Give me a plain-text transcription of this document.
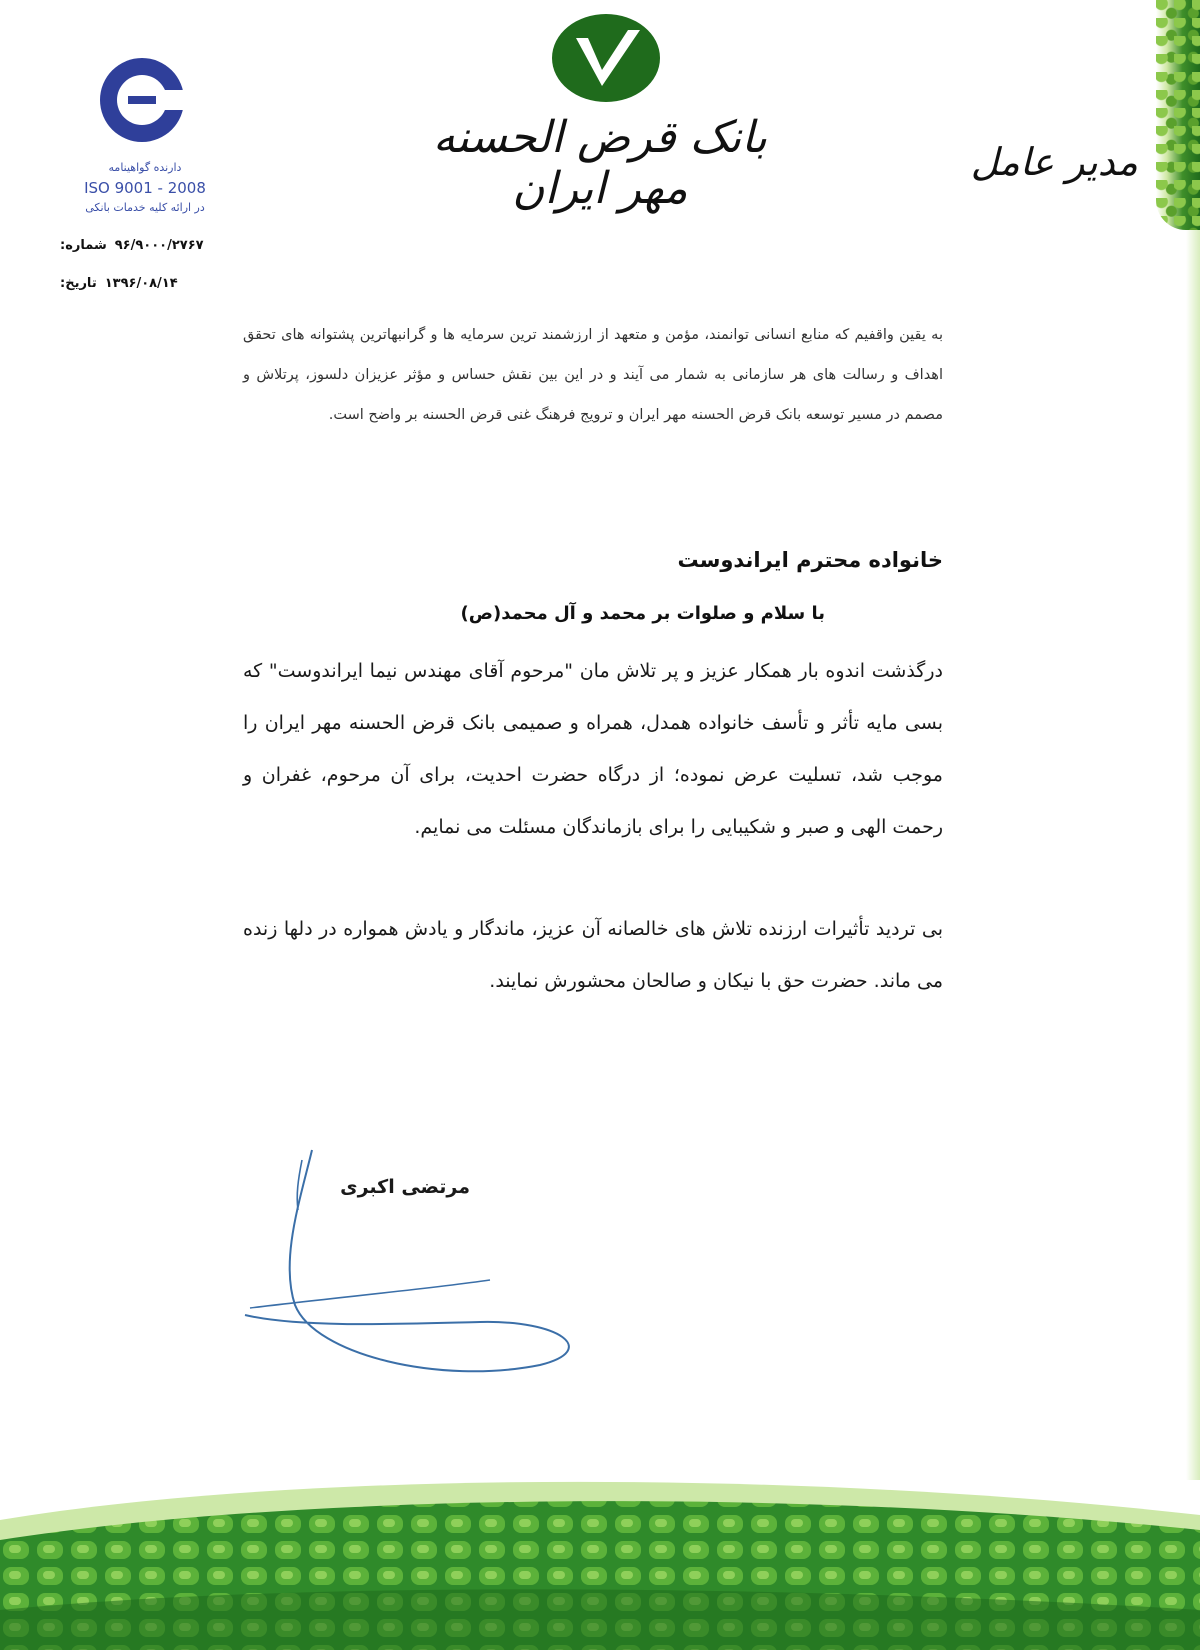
بانک قرض الحسنه مهر ایران
مدیر عامل
دارنده گواهینامه
ISO 9001 - 2008
در ارائه کلیه خدمات بانکی
شماره: ۹۶/۹۰۰۰/۲۷۶۷
تاریخ: ۱۳۹۶/۰۸/۱۴
به یقین واقفیم که منابع انسانی توانمند، مؤمن و متعهد از ارزشمند ترین سرمایه ها و گرانبهاترین پشتوانه های تحقق اهداف و رسالت های هر سازمانی به شمار می آیند و در این بین نقش حساس و مؤثر عزیزان دلسوز، پرتلاش و مصمم در مسیر توسعه بانک قرض الحسنه مهر ایران و ترویج فرهنگ غنی قرض الحسنه بر واضح است.
خانواده محترم ایراندوست
با سلام و صلوات بر محمد و آل محمد(ص)
درگذشت اندوه بار همکار عزیز و پر تلاش مان "مرحوم آقای مهندس نیما ایراندوست" که بسی مایه تأثر و تأسف خانواده همدل، همراه و صمیمی بانک قرض الحسنه مهر ایران را موجب شد، تسلیت عرض نموده؛ از درگاه حضرت احدیت، برای آن مرحوم، غفران و رحمت الهی و صبر و شکیبایی را برای بازماندگان مسئلت می نمایم.
بی تردید تأثیرات ارزنده تلاش های خالصانه آن عزیز، ماندگار و یادش همواره در دلها زنده می ماند. حضرت حق با نیکان و صالحان محشورش نمایند.
مرتضی اکبری
